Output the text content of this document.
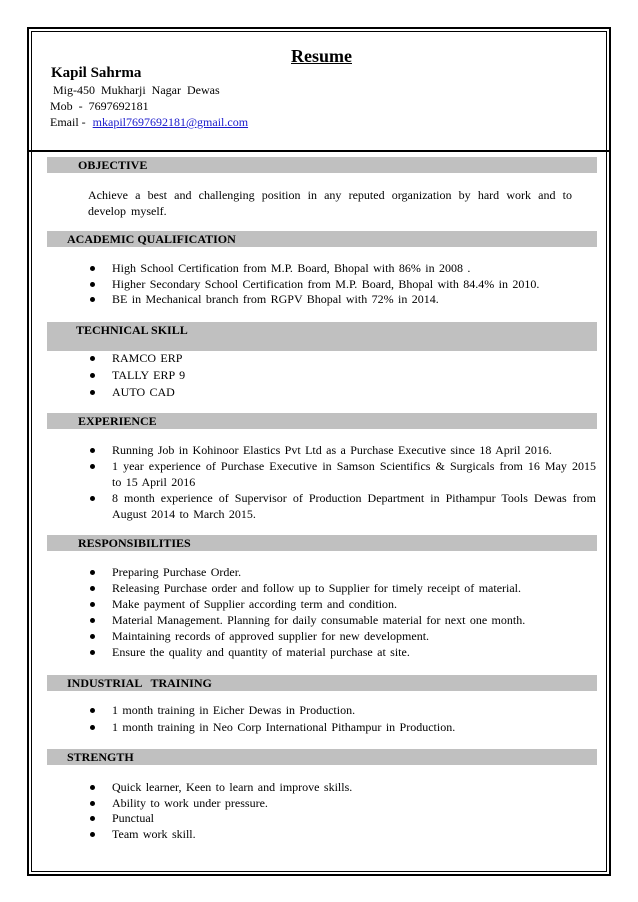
Resume
Kapil Sahrma
Mig-450 Mukharji Nagar Dewas
Mob - 7697692181
Email - mkapil7697692181@gmail.com
OBJECTIVE

Achieve a best and challenging position in any reputed organization by hard work and to develop myself.

ACADEMIC QUALIFICATION
High School Certification from M.P. Board, Bhopal with 86% in 2008 .
Higher Secondary School Certification from M.P. Board, Bhopal with 84.4% in 2010.
BE in Mechanical branch from RGPV Bhopal with 72% in 2014.
TECHNICAL SKILL
RAMCO ERP
TALLY ERP 9
AUTO CAD
EXPERIENCE
Running Job in Kohinoor Elastics Pvt Ltd as a Purchase Executive since 18 April 2016.
1 year experience of Purchase Executive in Samson Scientifics & Surgicals from 16 May 2015 to 15 April 2016
8 month experience of Supervisor of Production Department in Pithampur Tools Dewas from August 2014 to March 2015.
RESPONSIBILITIES
Preparing Purchase Order.
Releasing Purchase order and follow up to Supplier for timely receipt of material.
Make payment of Supplier according term and condition.
Material Management. Planning for daily consumable material for next one month.
Maintaining records of approved supplier for new development.
Ensure the quality and quantity of material purchase at site.
INDUSTRIAL TRAINING
1 month training in Eicher Dewas in Production.
1 month training in Neo Corp International Pithampur in Production.
STRENGTH
Quick learner, Keen to learn and improve skills.
Ability to work under pressure.
Punctual
Team work skill.
